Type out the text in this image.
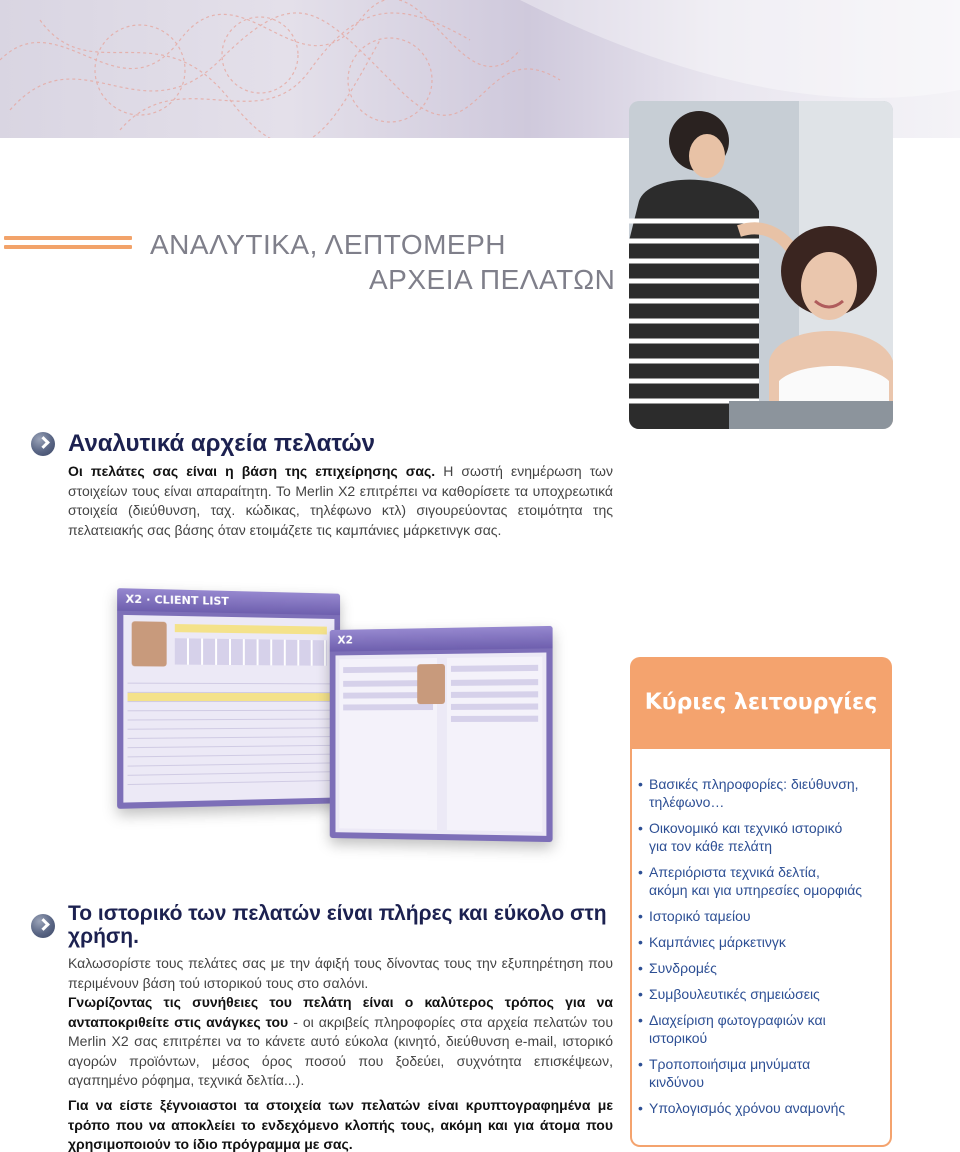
ΑΝΑΛΥΤΙΚΑ, ΛΕΠΤΟΜΕΡΗ
ΑΡΧΕΙΑ ΠΕΛΑΤΩΝ
Αναλυτικά αρχεία πελατών
Οι πελάτες σας είναι η βάση της επιχείρησης σας. Η σωστή ενημέρωση των στοιχείων τους είναι απαραίτητη. Το Merlin X2 επιτρέπει να καθορίσετε τα υποχρεωτικά στοιχεία (διεύθυνση, ταχ. κώδικας, τηλέφωνο κτλ) σιγουρεύοντας ετοιμότητα της πελατειακής σας βάσης όταν ετοιμάζετε τις καμπάνιες μάρκετινγκ σας.
X2 · CLIENT LIST
X2
Το ιστορικό των πελατών είναι πλήρες και εύκολο στη χρήση.
Καλωσορίστε τους πελάτες σας με την άφιξή τους δίνοντας τους την εξυπηρέτηση που περιμένουν βάση τού ιστορικού τους στο σαλόνι.
Γνωρίζοντας τις συνήθειες του πελάτη είναι ο καλύτερος τρόπος για να ανταποκριθείτε στις ανάγκες του - οι ακριβείς πληροφορίες στα αρχεία πελατών του Merlin X2 σας επιτρέπει να το κάνετε αυτό εύκολα (κινητό, διεύθυνση e-mail, ιστορικό αγορών προϊόντων, μέσος όρος ποσού που ξοδεύει, συχνότητα επισκέψεων, αγαπημένο ρόφημα, τεχνικά δελτία...).
Για να είστε ξέγνοιαστοι τα στοιχεία των πελατών είναι κρυπτογραφημένα με τρόπο που να αποκλείει το ενδεχόμενο κλοπής τους, ακόμη και για άτομα που χρησιμοποιούν το ίδιο πρόγραμμα με σας.
Κύριες λειτουργίες
• Βασικές πληροφορίες: διεύθυνση,
τηλέφωνο…
• Οικονομικό και τεχνικό ιστορικό
για τον κάθε πελάτη
• Απεριόριστα τεχνικά δελτία,
ακόμη και για υπηρεσίες ομορφιάς
• Ιστορικό ταμείου
• Καμπάνιες μάρκετινγκ
• Συνδρομές
• Συμβουλευτικές σημειώσεις
• Διαχείριση φωτογραφιών και
ιστορικού
• Τροποποιήσιμα μηνύματα
κινδύνου
• Υπολογισμός χρόνου αναμονής
